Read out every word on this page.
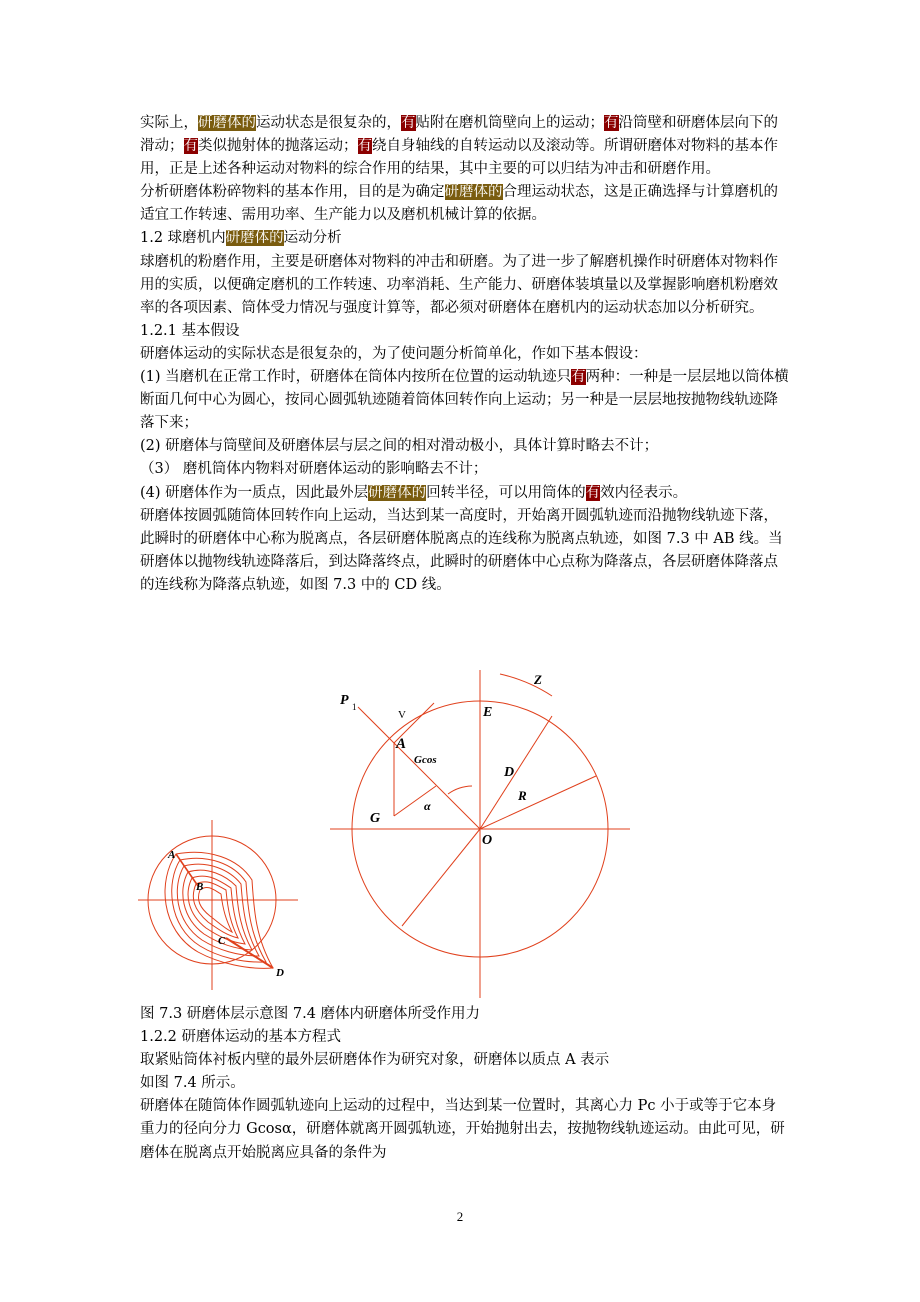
实际上，研磨体的运动状态是很复杂的，有贴附在磨机筒壁向上的运动；有沿筒壁和研磨体层向下的滑动；有类似抛射体的抛落运动；有绕自身轴线的自转运动以及滚动等。所谓研磨体对物料的基本作用，正是上述各种运动对物料的综合作用的结果，其中主要的可以归结为冲击和研磨作用。

分析研磨体粉碎物料的基本作用，目的是为确定研磨体的合理运动状态，这是正确选择与计算磨机的适宜工作转速、需用功率、生产能力以及磨机机械计算的依据。

1.2 球磨机内研磨体的运动分析

球磨机的粉磨作用，主要是研磨体对物料的冲击和研磨。为了进一步了解磨机操作时研磨体对物料作用的实质，以便确定磨机的工作转速、功率消耗、生产能力、研磨体装填量以及掌握影响磨机粉磨效率的各项因素、筒体受力情况与强度计算等，都必须对研磨体在磨机内的运动状态加以分析研究。

1.2.1 基本假设

研磨体运动的实际状态是很复杂的，为了使问题分析简单化，作如下基本假设：

(1) 当磨机在正常工作时，研磨体在筒体内按所在位置的运动轨迹只有两种：一种是一层层地以筒体横断面几何中心为圆心，按同心圆弧轨迹随着筒体回转作向上运动；另一种是一层层地按抛物线轨迹降落下来；

(2) 研磨体与筒壁间及研磨体层与层之间的相对滑动极小，具体计算时略去不计；

（3） 磨机筒体内物料对研磨体运动的影响略去不计；

(4) 研磨体作为一质点，因此最外层研磨体的回转半径，可以用筒体的有效内径表示。

研磨体按圆弧随筒体回转作向上运动，当达到某一高度时，开始离开圆弧轨迹而沿抛物线轨迹下落，此瞬时的研磨体中心称为脱离点，各层研磨体脱离点的连线称为脱离点轨迹，如图 7.3 中 AB 线。当研磨体以抛物线轨迹降落后，到达降落终点，此瞬时的研磨体中心点称为降落点，各层研磨体降落点的连线称为降落点轨迹，如图 7.3 中的 CD 线。

A
B
C
D
P 1
V
A
Gcos
G
α
O
E
D
R
Z

图 7.3 研磨体层示意图 7.4 磨体内研磨体所受作用力

1.2.2 研磨体运动的基本方程式

取紧贴筒体衬板内壁的最外层研磨体作为研究对象，研磨体以质点 A 表示

如图 7.4 所示。

研磨体在随筒体作圆弧轨迹向上运动的过程中，当达到某一位置时，其离心力 Pc 小于或等于它本身重力的径向分力 Gcosα，研磨体就离开圆弧轨迹，开始抛射出去，按抛物线轨迹运动。由此可见，研磨体在脱离点开始脱离应具备的条件为

2
